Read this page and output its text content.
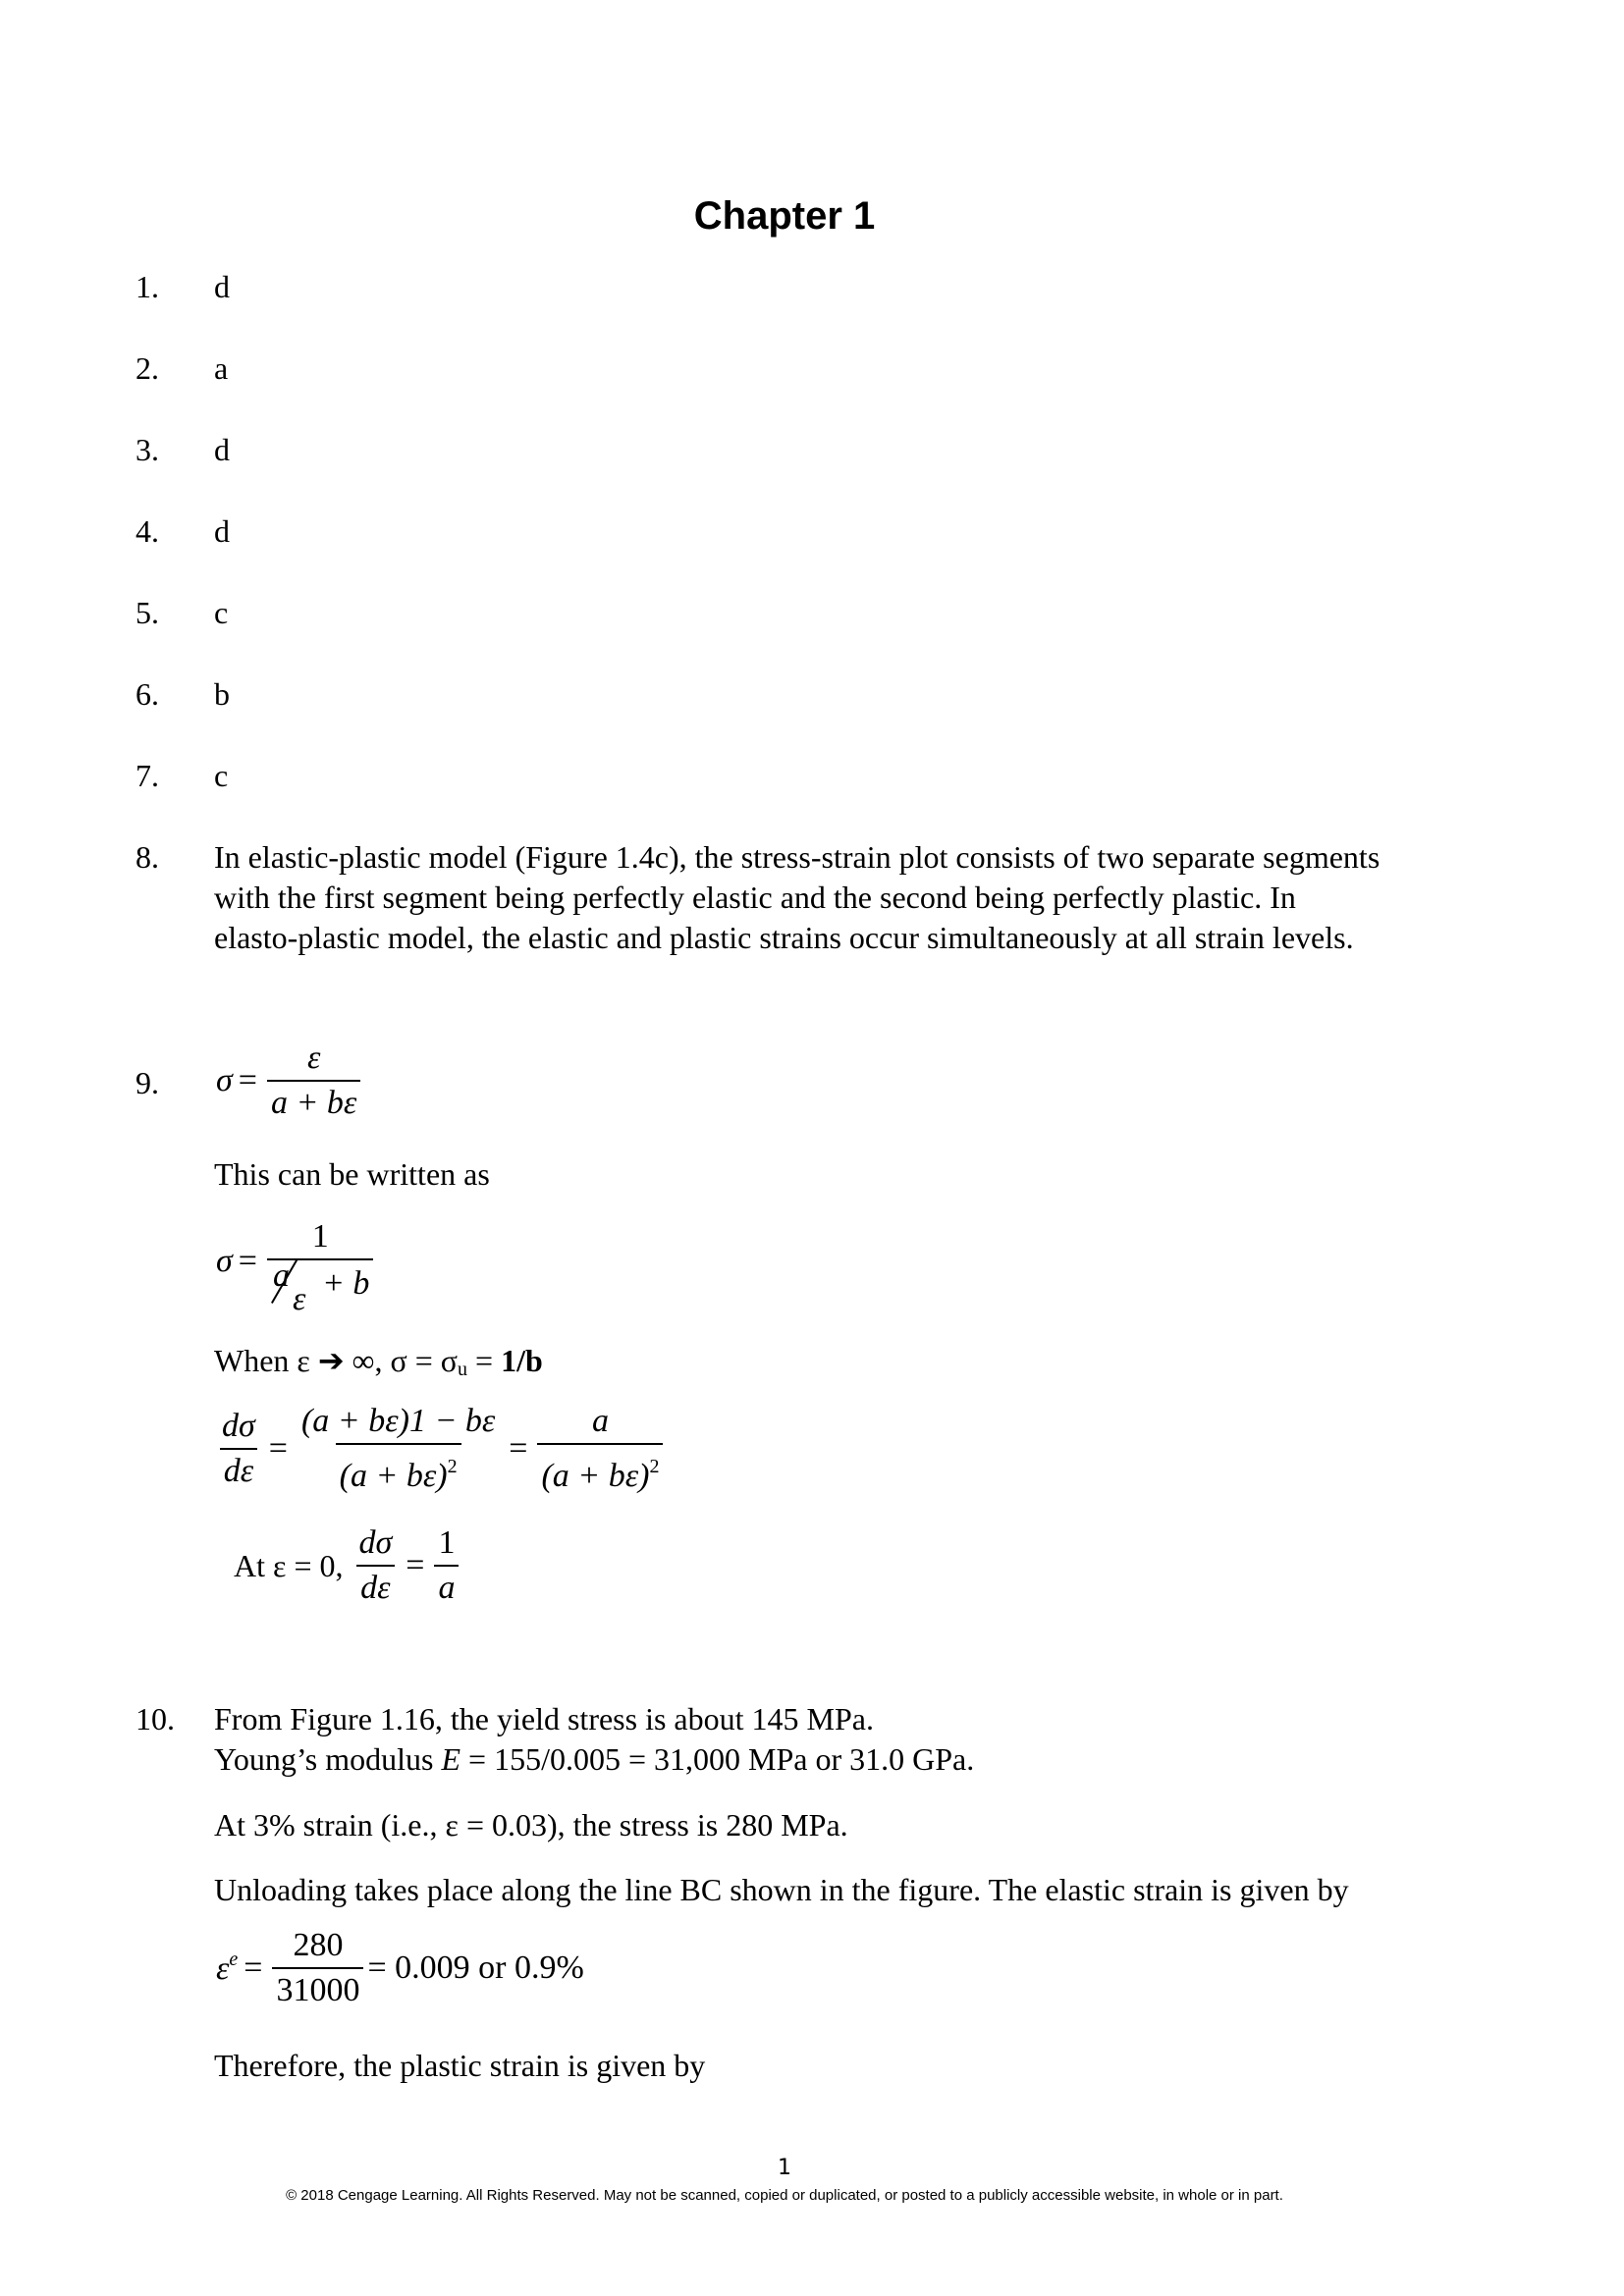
Chapter 1
1. d
2. a
3. d
4. d
5. c
6. b
7. c
8. In elastic-plastic model (Figure 1.4c), the stress-strain plot consists of two separate segments
with the first segment being perfectly elastic and the second being perfectly plastic. In
elasto-plastic model, the elastic and plastic strains occur simultaneously at all strain levels.
9. $\sigma = \frac{\varepsilon}{a + b\varepsilon}$
This can be written as
σ = 1
a
ε + b
When ε ➔ ∞, $\sigma = \sigma_u = 1/b$
$\frac{d\sigma}{d\varepsilon} = \frac{(a + b\varepsilon)1 - b\varepsilon}{(a + b\varepsilon)^2} = \frac{a}{(a + b\varepsilon)^2}$
At ε = 0, $\frac{d\sigma}{d\varepsilon} = \frac{1}{a}$
10. From Figure 1.16, the yield stress is about 145 MPa.
Young’s modulus E = 155/0.005 = 31,000 MPa or 31.0 GPa.
At 3% strain (i.e., ε = 0.03), the stress is 280 MPa.
Unloading takes place along the line BC shown in the figure. The elastic strain is given by
$\varepsilon^e = \frac{280}{31000} = 0.009$ or 0.9%
Therefore, the plastic strain is given by
1
© 2018 Cengage Learning. All Rights Reserved. May not be scanned, copied or duplicated, or posted to a publicly accessible website, in whole or in part.
